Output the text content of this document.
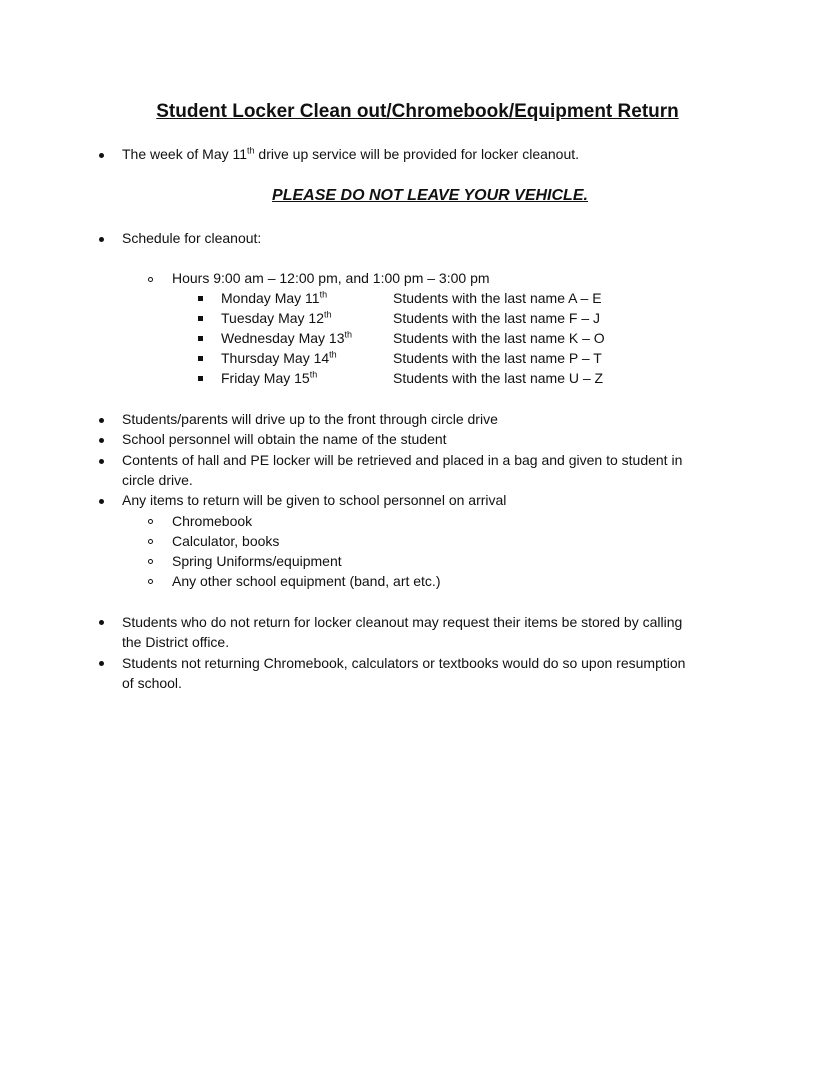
Student Locker Clean out/Chromebook/Equipment Return
The week of May 11th drive up service will be provided for locker cleanout.
PLEASE DO NOT LEAVE YOUR VEHICLE.
Schedule for cleanout:
Hours 9:00 am – 12:00 pm, and 1:00 pm – 3:00 pm
Monday May 11th	Students with the last name A – E
Tuesday May 12th	Students with the last name F – J
Wednesday May 13th	Students with the last name K – O
Thursday May 14th	Students with the last name P – T
Friday May 15th	Students with the last name U – Z
Students/parents will drive up to the front through circle drive
School personnel will obtain the name of the student
Contents of hall and PE locker will be retrieved and placed in a bag and given to student in
circle drive.
Any items to return will be given to school personnel on arrival
Chromebook
Calculator, books
Spring Uniforms/equipment
Any other school equipment (band, art etc.)
Students who do not return for locker cleanout may request their items be stored by calling
the District office.
Students not returning Chromebook, calculators or textbooks would do so upon resumption
of school.
